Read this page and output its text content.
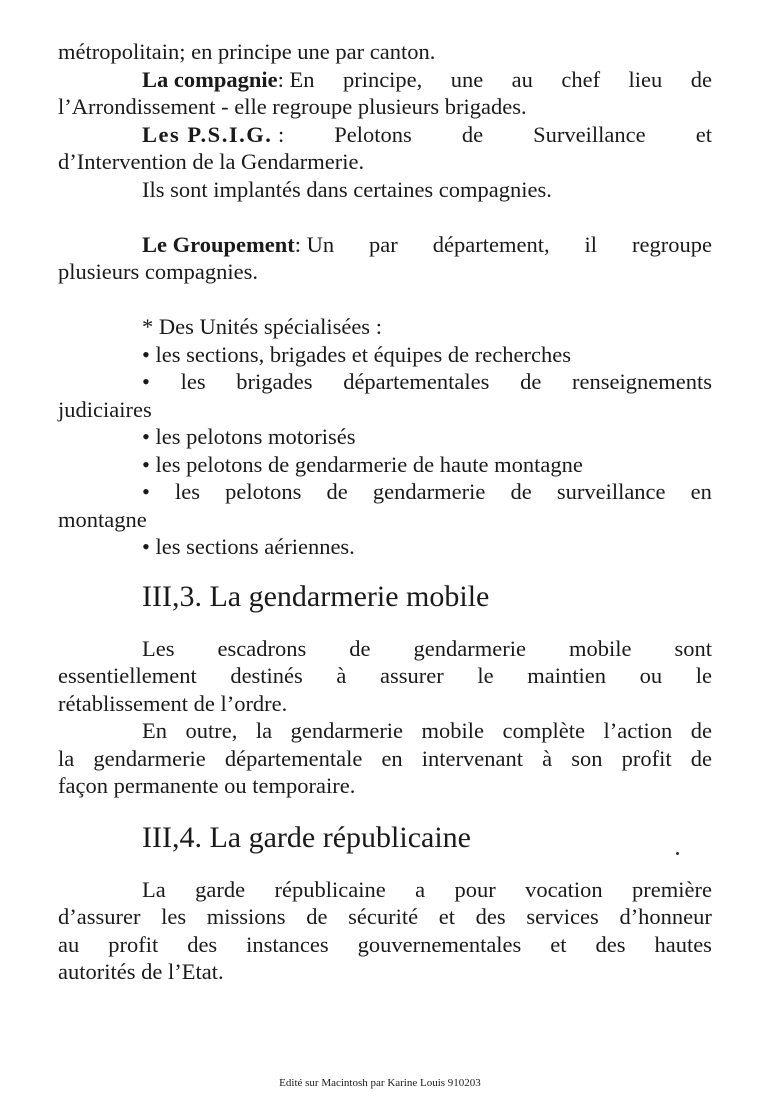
métropolitain; en principe une par canton.
La compagnie: En principe, une au chef lieu de
l’Arrondissement - elle regroupe plusieurs brigades.
Les P.S.I.G. : Pelotons de Surveillance et
d’Intervention de la Gendarmerie.
Ils sont implantés dans certaines compagnies.
Le Groupement: Un par département, il regroupe
plusieurs compagnies.
* Des Unités spécialisées :
• les sections, brigades et équipes de recherches
• les brigades départementales de renseignements
judiciaires
• les pelotons motorisés
• les pelotons de gendarmerie de haute montagne
• les pelotons de gendarmerie de surveillance en
montagne
• les sections aériennes.
III,3. La gendarmerie mobile
Les escadrons de gendarmerie mobile sont
essentiellement destinés à assurer le maintien ou le
rétablissement de l’ordre.
En outre, la gendarmerie mobile complète l’action de
la gendarmerie départementale en intervenant à son profit de
façon permanente ou temporaire.
III,4. La garde républicaine
La garde républicaine a pour vocation première
d’assurer les missions de sécurité et des services d’honneur
au profit des instances gouvernementales et des hautes
autorités de l’Etat.
Edité sur Macintosh par Karine Louis 910203
